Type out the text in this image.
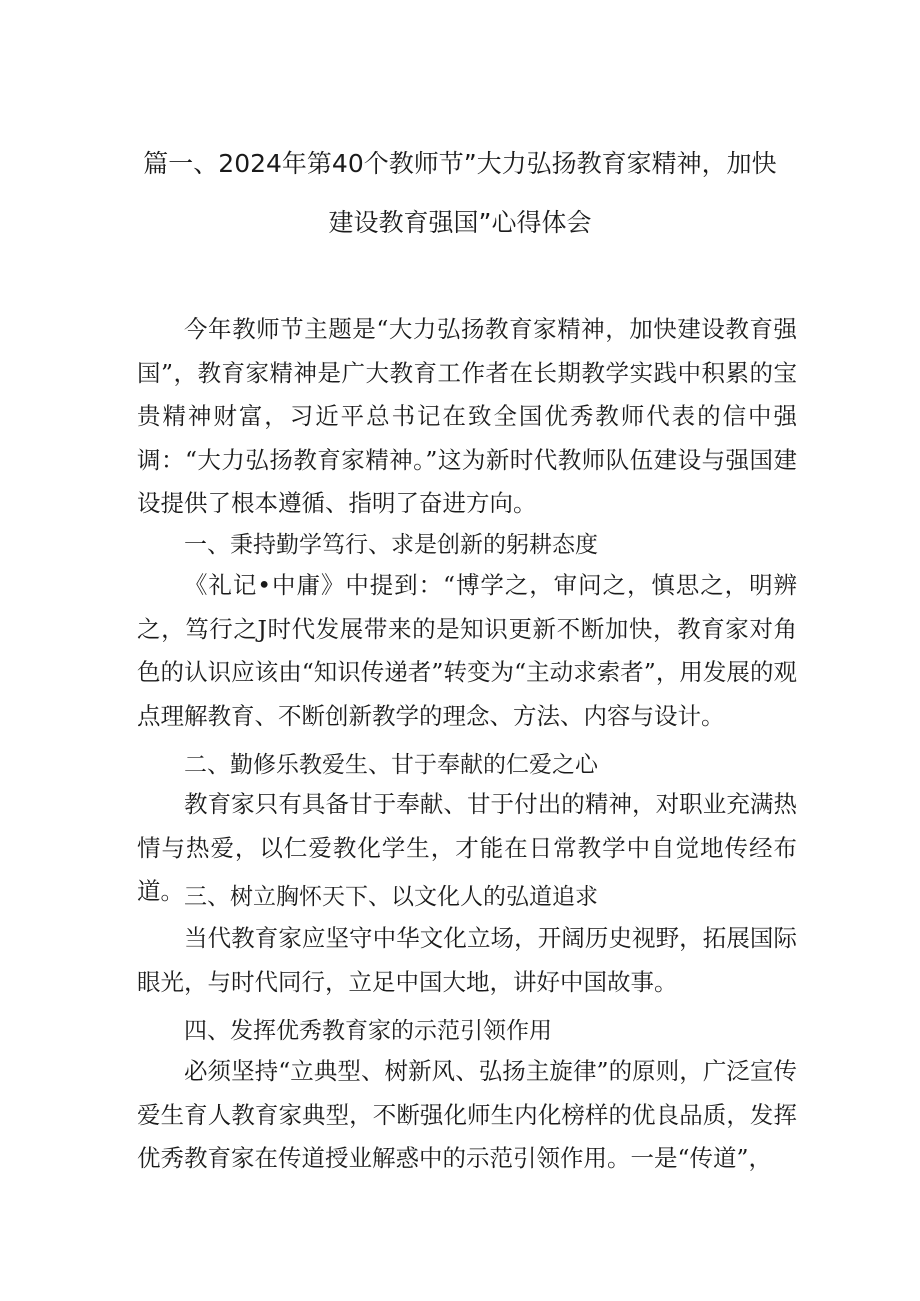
篇一、2024年第40个教师节”大力弘扬教育家精神，加快
建设教育强国”心得体会

今年教师节主题是“大力弘扬教育家精神，加快建设教育强国”，教育家精神是广大教育工作者在长期教学实践中积累的宝贵精神财富，习近平总书记在致全国优秀教师代表的信中强调：“大力弘扬教育家精神。”这为新时代教师队伍建设与强国建设提供了根本遵循、指明了奋进方向。

一、秉持勤学笃行、求是创新的躬耕态度

《礼记•中庸》中提到：“博学之，审问之，慎思之，明辨之，笃行之J时代发展带来的是知识更新不断加快，教育家对角色的认识应该由“知识传递者”转变为“主动求索者”，用发展的观点理解教育、不断创新教学的理念、方法、内容与设计。

二、勤修乐教爱生、甘于奉献的仁爱之心

教育家只有具备甘于奉献、甘于付出的精神，对职业充满热情与热爱，以仁爱教化学生，才能在日常教学中自觉地传经布道。 三、树立胸怀天下、以文化人的弘道追求

当代教育家应坚守中华文化立场，开阔历史视野，拓展国际眼光，与时代同行，立足中国大地，讲好中国故事。

四、发挥优秀教育家的示范引领作用

必须坚持“立典型、树新风、弘扬主旋律”的原则，广泛宣传爱生育人教育家典型，不断强化师生内化榜样的优良品质，发挥优秀教育家在传道授业解惑中的示范引领作用。一是“传道”，
